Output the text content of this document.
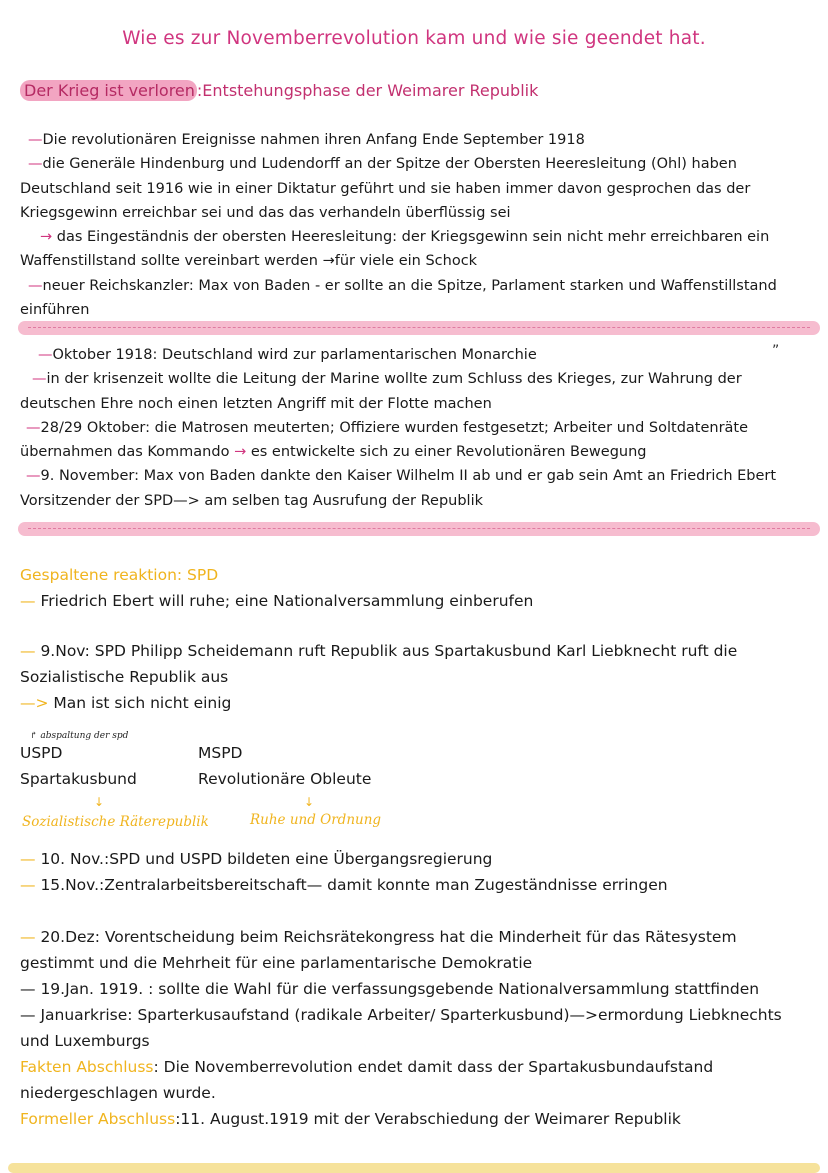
Wie es zur Novemberrevolution kam und wie sie geendet hat.
Der Krieg ist verloren :Entstehungsphase der Weimarer Republik

—Die revolutionären Ereignisse nahmen ihren Anfang Ende September 1918

—die Generäle Hindenburg und Ludendorff an der Spitze der Obersten Heeresleitung (Ohl) haben Deutschland seit 1916 wie in einer Diktatur geführt und sie haben immer davon gesprochen das der Kriegsgewinn erreichbar sei und das das verhandeln überflüssig sei

→ das Eingeständnis der obersten Heeresleitung: der Kriegsgewinn sein nicht mehr erreichbaren ein Waffenstillstand sollte vereinbart werden →für viele ein Schock

—neuer Reichskanzler: Max von Baden - er sollte an die Spitze, Parlament starken und Waffenstillstand einführen

—Oktober 1918: Deutschland wird zur parlamentarischen Monarchie

—in der krisenzeit wollte die Leitung der Marine wollte zum Schluss des Krieges, zur Wahrung der deutschen Ehre noch einen letzten Angriff mit der Flotte machen

—28/29 Oktober: die Matrosen meuterten; Offiziere wurden festgesetzt; Arbeiter und Soltdatenräte übernahmen das Kommando → es entwickelte sich zu einer Revolutionären Bewegung

—9. November: Max von Baden dankte den Kaiser Wilhelm II ab und er gab sein Amt an Friedrich Ebert Vorsitzender der SPD—> am selben tag Ausrufung der Republik

”

Gespaltene reaktion: SPD

— Friedrich Ebert will ruhe; eine Nationalversammlung einberufen

— 9.Nov: SPD Philipp Scheidemann ruft Republik aus Spartakusbund Karl Liebknecht ruft die Sozialistische Republik aus

—> Man ist sich nicht einig

↱ abspaltung der spd
USPD	MSPD
Spartakusbund	Revolutionäre Obleute
↓	↓
Sozialistische Räterepublik	Ruhe und Ordnung

— 10. Nov.:SPD und USPD bildeten eine Übergangsregierung

— 15.Nov.:Zentralarbeitsbereitschaft— damit konnte man Zugeständnisse erringen

— 20.Dez: Vorentscheidung beim Reichsrätekongress hat die Minderheit für das Rätesystem gestimmt und die Mehrheit für eine parlamentarische Demokratie

— 19.Jan. 1919. : sollte die Wahl für die verfassungsgebende Nationalversammlung stattfinden

— Januarkrise: Sparterkusaufstand (radikale Arbeiter/ Sparterkusbund)—>ermordung Liebknechts und Luxemburgs

Fakten Abschluss: Die Novemberrevolution endet damit dass der Spartakusbundaufstand niedergeschlagen wurde.

Formeller Abschluss:11. August.1919 mit der Verabschiedung der Weimarer Republik
